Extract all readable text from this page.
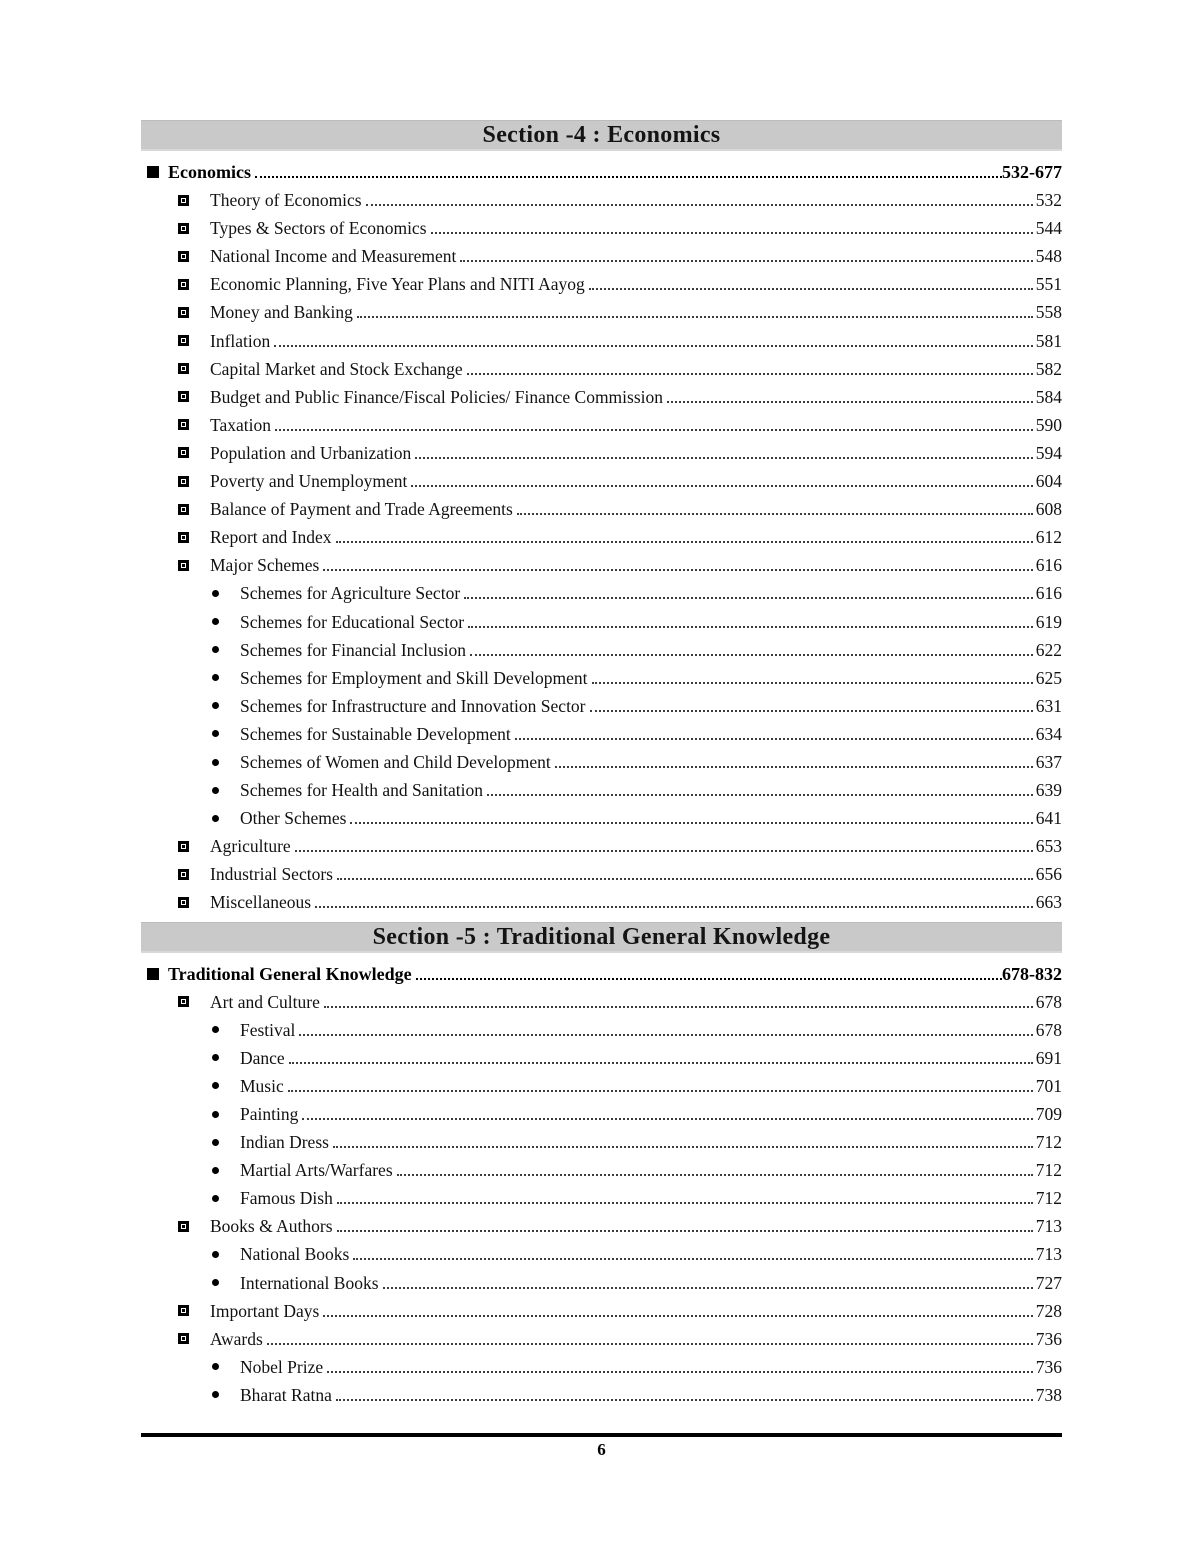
Section -4 : Economics
Economics	532-677
Theory of Economics	532
Types & Sectors of Economics	544
National Income and Measurement	548
Economic Planning, Five Year Plans and NITI Aayog	551
Money and Banking	558
Inflation	581
Capital Market and Stock Exchange	582
Budget and Public Finance/Fiscal Policies/ Finance Commission	584
Taxation	590
Population and Urbanization	594
Poverty and Unemployment	604
Balance of Payment and Trade Agreements	608
Report and Index	612
Major Schemes	616
Schemes for Agriculture Sector	616
Schemes for Educational Sector	619
Schemes for Financial Inclusion	622
Schemes for Employment and Skill Development	625
Schemes for Infrastructure and Innovation Sector	631
Schemes for Sustainable Development	634
Schemes of Women and Child Development	637
Schemes for Health and Sanitation	639
Other Schemes	641
Agriculture	653
Industrial Sectors	656
Miscellaneous	663
Section -5 : Traditional General Knowledge
Traditional General Knowledge	678-832
Art and Culture	678
Festival	678
Dance	691
Music	701
Painting	709
Indian Dress	712
Martial Arts/Warfares	712
Famous Dish	712
Books & Authors	713
National Books	713
International Books	727
Important Days	728
Awards	736
Nobel Prize	736
Bharat Ratna	738
6
